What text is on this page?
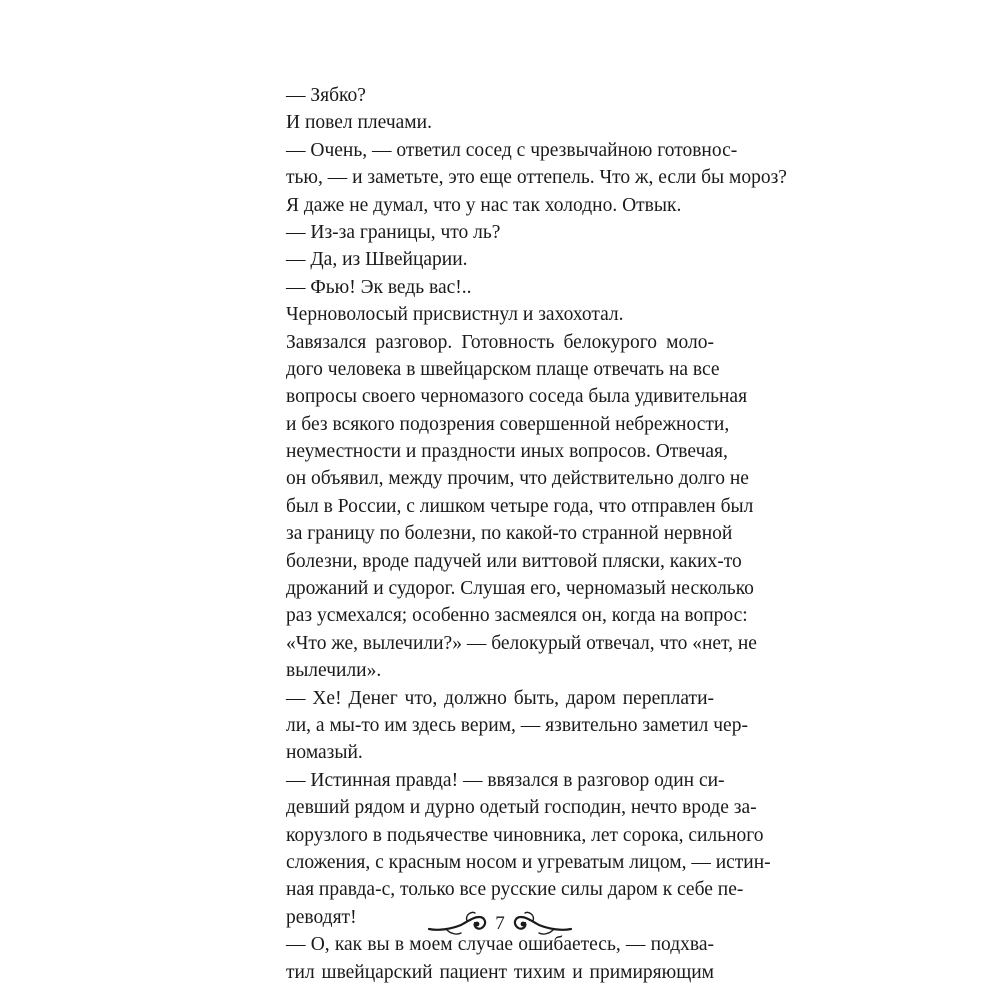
— Зябко?
И повел плечами.
— Очень, — ответил сосед с чрезвычайною готовнос-
тью, — и заметьте, это еще оттепель. Что ж, если бы мороз?
Я даже не думал, что у нас так холодно. Отвык.
— Из-за границы, что ль?
— Да, из Швейцарии.
— Фью! Эк ведь вас!..
Черноволосый присвистнул и захохотал.
Завязался разговор. Готовность белокурого моло-
дого человека в швейцарском плаще отвечать на все
вопросы своего черномазого соседа была удивительная
и без всякого подозрения совершенной небрежности,
неуместности и праздности иных вопросов. Отвечая,
он объявил, между прочим, что действительно долго не
был в России, с лишком четыре года, что отправлен был
за границу по болезни, по какой-то странной нервной
болезни, вроде падучей или виттовой пляски, каких-то
дрожаний и судорог. Слушая его, черномазый несколько
раз усмехался; особенно засмеялся он, когда на вопрос:
«Что же, вылечили?» — белокурый отвечал, что «нет, не
вылечили».
— Хе! Денег что, должно быть, даром переплати-
ли, а мы-то им здесь верим, — язвительно заметил чер-
номазый.
— Истинная правда! — ввязался в разговор один си-
девший рядом и дурно одетый господин, нечто вроде за-
корузлого в подьячестве чиновника, лет сорока, сильного
сложения, с красным носом и угреватым лицом, — истин-
ная правда-с, только все русские силы даром к себе пе-
реводят!
— О, как вы в моем случае ошибаетесь, — подхва-
тил швейцарский пациент тихим и примиряющим
7
